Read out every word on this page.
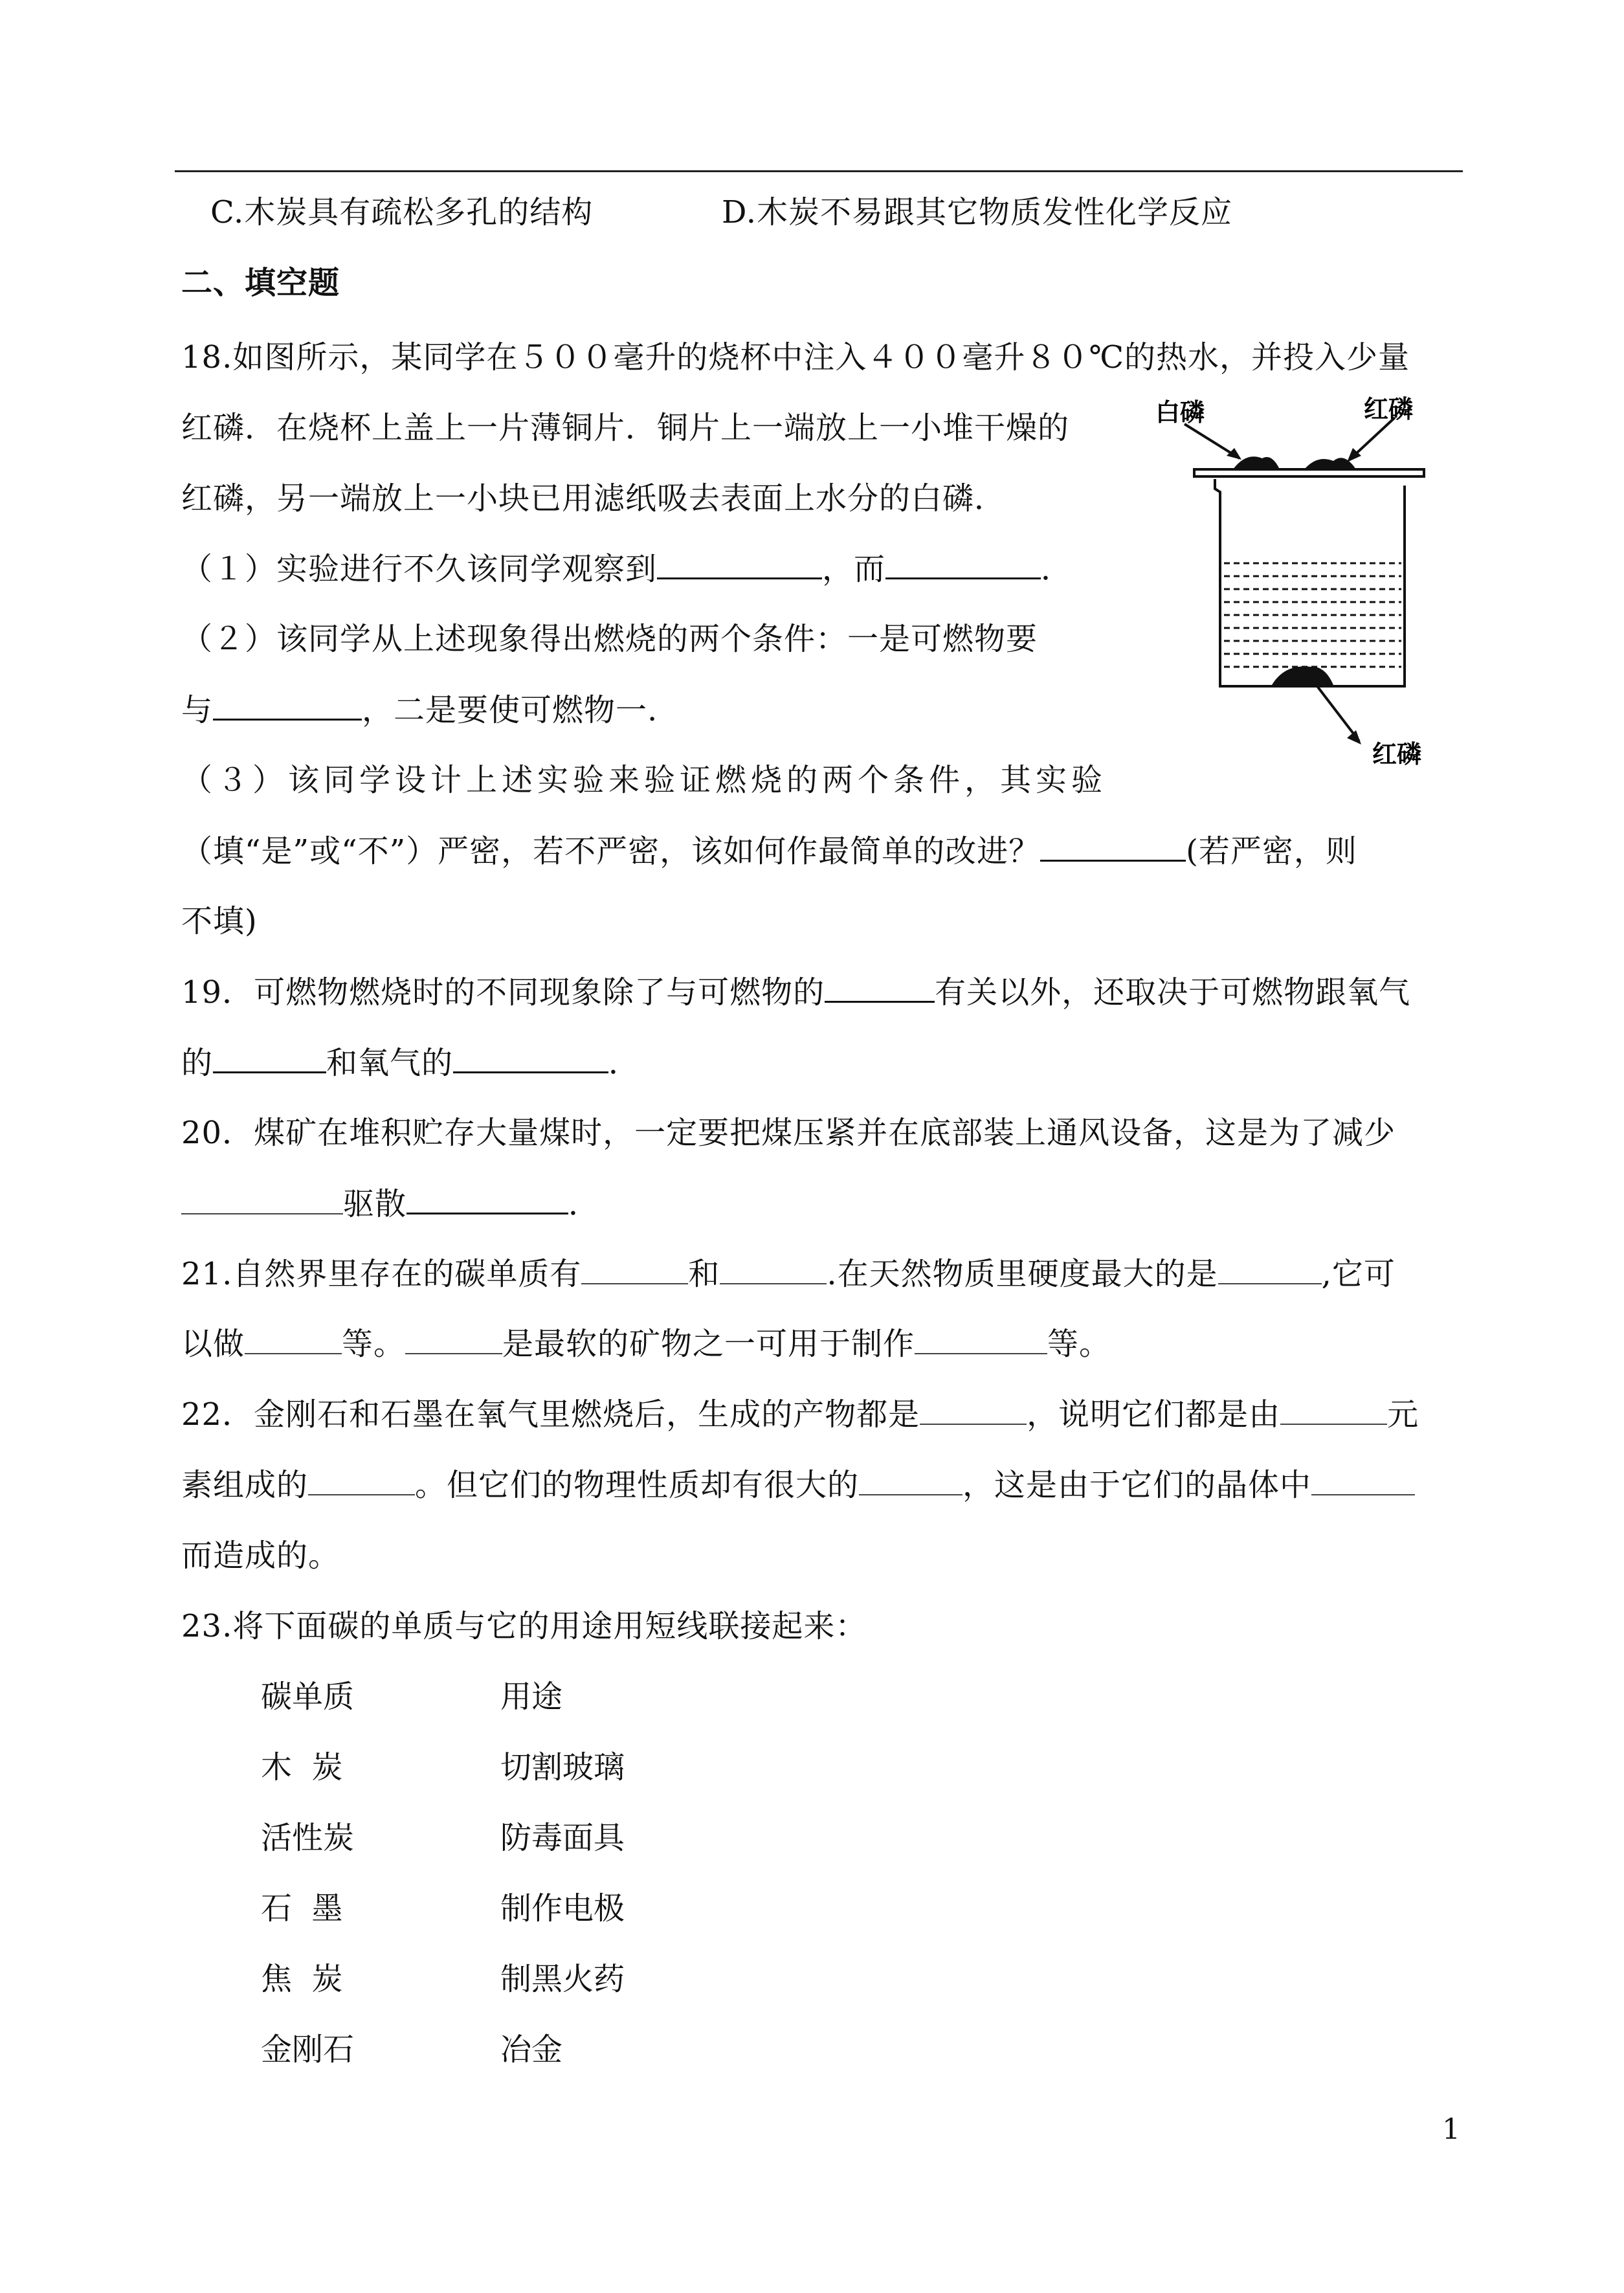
C.木炭具有疏松多孔的结构	D.木炭不易跟其它物质发性化学反应
二、填空题
18.如图所示，某同学在５００毫升的烧杯中注入４００毫升８０℃的热水，并投入少量
红磷．在烧杯上盖上一片薄铜片．铜片上一端放上一小堆干燥的
红磷，另一端放上一小块已用滤纸吸去表面上水分的白磷．
（１）实验进行不久该同学观察到	，而	．
（２）该同学从上述现象得出燃烧的两个条件：一是可燃物要
与	，二是要使可燃物一.
（３）该同学设计上述实验来验证燃烧的两个条件，其实验
（填“是”或“不”）严密，若不严密，该如何作最简单的改进？	(若严密，则
不填)
白磷	红磷
红磷
19．可燃物燃烧时的不同现象除了与可燃物的	有关以外，还取决于可燃物跟氧气
的	和氧气的	．
20．煤矿在堆积贮存大量煤时，一定要把煤压紧并在底部装上通风设备，这是为了减少
驱散	．
21.自然界里存在的碳单质有	和	.在天然物质里硬度最大的是	,它可
以做	等。	是最软的矿物之一可用于制作	等。
22．金刚石和石墨在氧气里燃烧后，生成的产物都是	，说明它们都是由	元
素组成的	。但它们的物理性质却有很大的	，这是由于它们的晶体中
而造成的。
23.将下面碳的单质与它的用途用短线联接起来：
碳单质	用途
木  炭	切割玻璃
活性炭	防毒面具
石  墨	制作电极
焦  炭	制黑火药
金刚石	冶金
1
